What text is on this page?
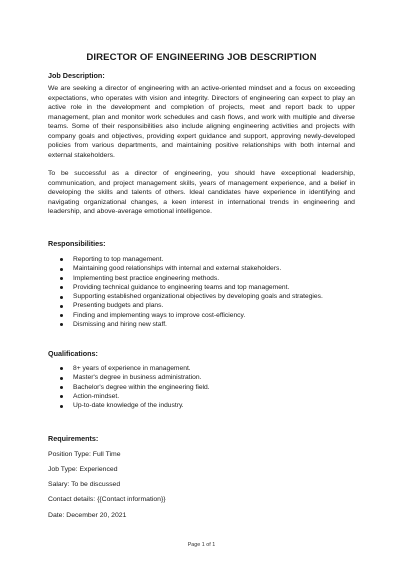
DIRECTOR OF ENGINEERING JOB DESCRIPTION
Job Description:

We are seeking a director of engineering with an active-oriented mindset and a focus on exceeding expectations, who operates with vision and integrity. Directors of engineering can expect to play an active role in the development and completion of projects, meet and report back to upper management, plan and monitor work schedules and cash flows, and work with multiple and diverse teams. Some of their responsibilities also include aligning engineering activities and projects with company goals and objectives, providing expert guidance and support, approving newly-developed policies from various departments, and maintaining positive relationships with both internal and external stakeholders.

To be successful as a director of engineering, you should have exceptional leadership, communication, and project management skills, years of management experience, and a belief in developing the skills and talents of others. Ideal candidates have experience in identifying and navigating organizational changes, a keen interest in international trends in engineering and leadership, and above-average emotional intelligence.

Responsibilities:
Reporting to top management.
Maintaining good relationships with internal and external stakeholders.
Implementing best practice engineering methods.
Providing technical guidance to engineering teams and top management.
Supporting established organizational objectives by developing goals and strategies.
Presenting budgets and plans.
Finding and implementing ways to improve cost-efficiency.
Dismissing and hiring new staff.
Qualifications:
8+ years of experience in management.
Master's degree in business administration.
Bachelor's degree within the engineering field.
Action-mindset.
Up-to-date knowledge of the industry.
Requirements:
Position Type: Full Time
Job Type: Experienced
Salary: To be discussed
Contact details: {{Contact information}}
Date: December 20, 2021
Page 1 of 1
